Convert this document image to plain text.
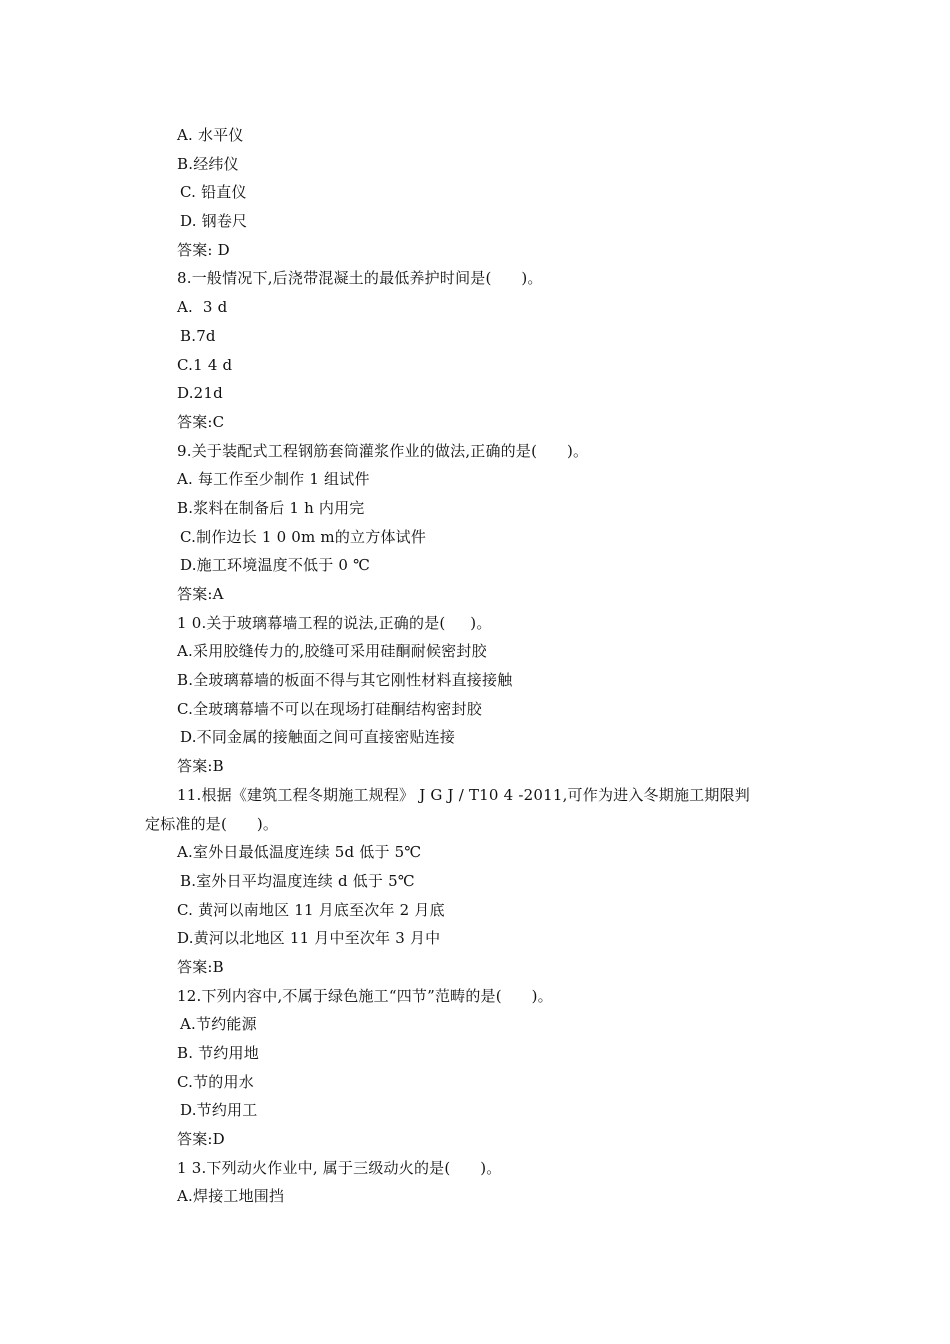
A. 水平仪
B.经纬仪
C. 铅直仪
D. 钢卷尺
答案: D
8.一般情况下,后浇带混凝土的最低养护时间是(      )。
A.  3 d
B.7d
C.1 4 d
D.21d
答案:C
9.关于装配式工程钢筋套筒灌浆作业的做法,正确的是(      )。
A. 每工作至少制作 1 组试件
B.浆料在制备后 1 h 内用完
C.制作边长 1 0 0m m的立方体试件
D.施工环境温度不低于 0 ℃
答案:A
1 0.关于玻璃幕墙工程的说法,正确的是(     )。
A.采用胶缝传力的,胶缝可采用硅酮耐候密封胶
B.全玻璃幕墙的板面不得与其它刚性材料直接接触
C.全玻璃幕墙不可以在现场打硅酮结构密封胶
D.不同金属的接触面之间可直接密贴连接
答案:B
11.根据《建筑工程冬期施工规程》 J G J / T10 4 -2011,可作为进入冬期施工期限判
定标准的是(      )。
A.室外日最低温度连续 5d 低于 5℃
B.室外日平均温度连续 d 低于 5℃
C. 黄河以南地区 11 月底至次年 2 月底
D.黄河以北地区 11 月中至次年 3 月中
答案:B
12.下列内容中,不属于绿色施工“四节”范畴的是(      )。
A.节约能源
B. 节约用地
C.节的用水
D.节约用工
答案:D
1 3.下列动火作业中, 属于三级动火的是(      )。
A.焊接工地围挡
